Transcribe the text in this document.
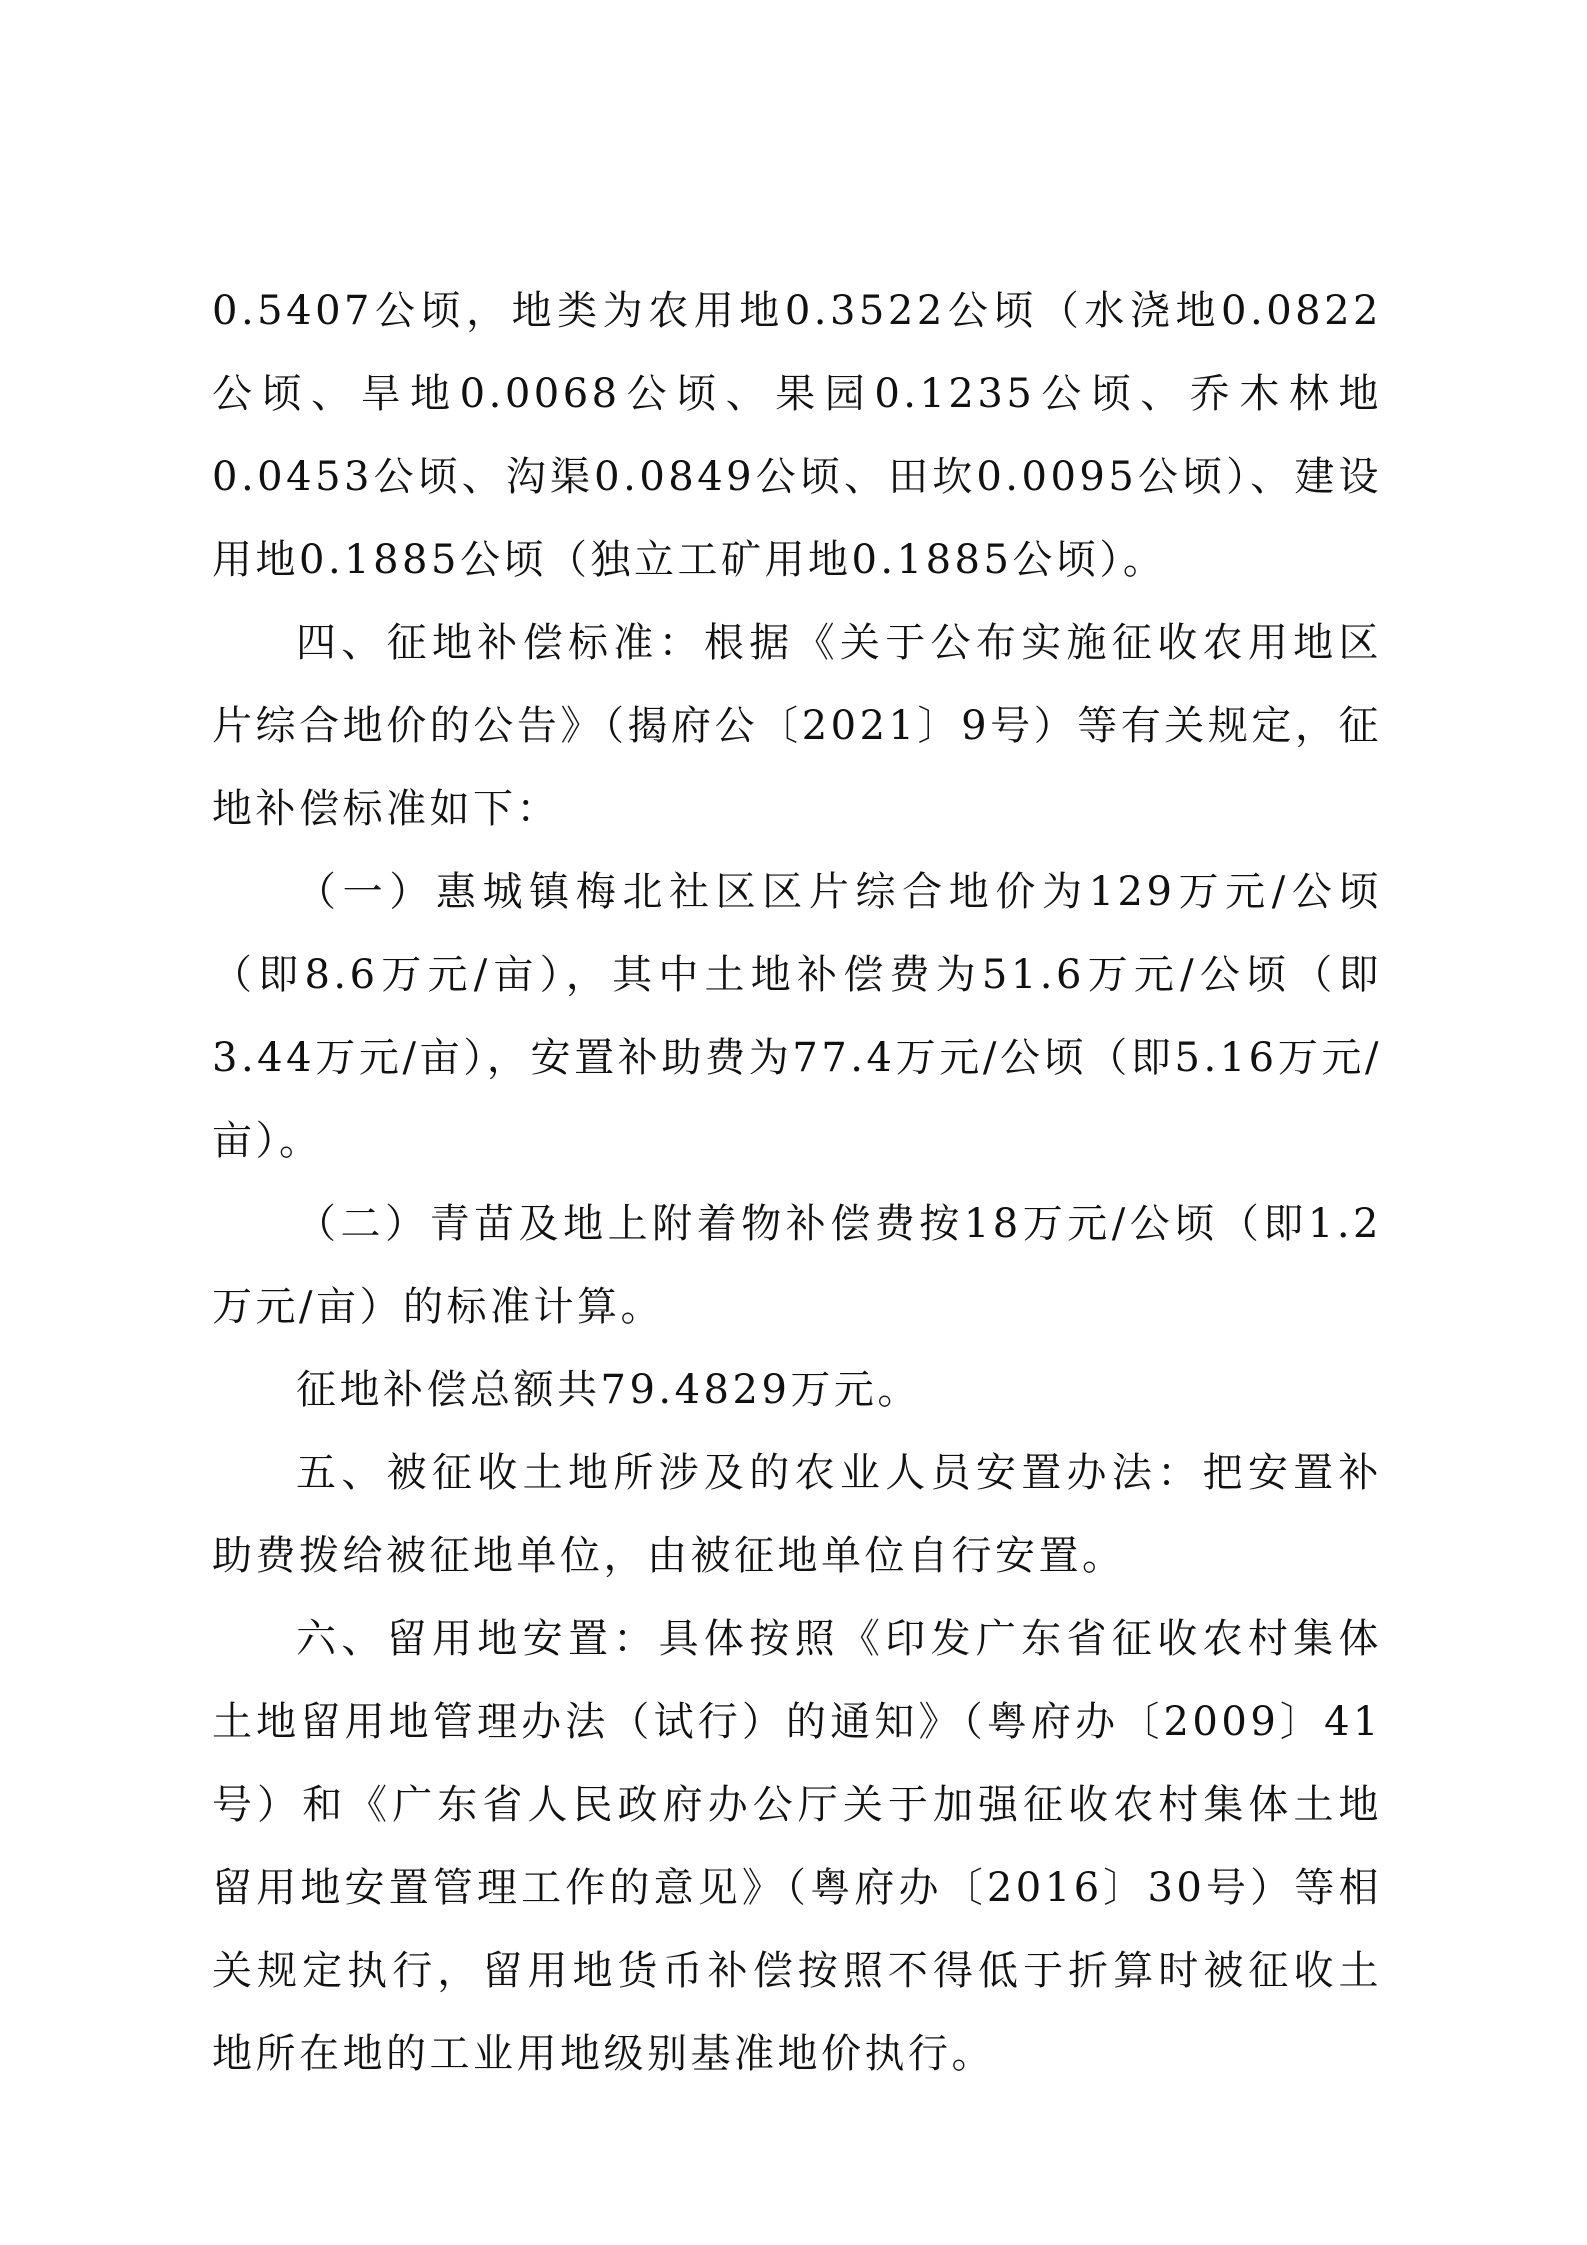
0.5407公顷，地类为农用地0.3522公顷（水浇地0.0822公顷、旱地0.0068公顷、果园0.1235公顷、乔木林地0.0453公顷、沟渠0.0849公顷、田坎0.0095公顷）、建设用地0.1885公顷（独立工矿用地0.1885公顷）。

四、征地补偿标准：根据《关于公布实施征收农用地区片综合地价的公告》（揭府公〔2021〕9号）等有关规定，征地补偿标准如下：

（一）惠城镇梅北社区区片综合地价为129万元/公顷（即8.6万元/亩），其中土地补偿费为51.6万元/公顷（即3.44万元/亩），安置补助费为77.4万元/公顷（即5.16万元/亩）。

（二）青苗及地上附着物补偿费按18万元/公顷（即1.2万元/亩）的标准计算。

征地补偿总额共79.4829万元。

五、被征收土地所涉及的农业人员安置办法：把安置补助费拨给被征地单位，由被征地单位自行安置。

六、留用地安置：具体按照《印发广东省征收农村集体土地留用地管理办法（试行）的通知》（粤府办〔2009〕41号）和《广东省人民政府办公厅关于加强征收农村集体土地留用地安置管理工作的意见》（粤府办〔2016〕30号）等相关规定执行，留用地货币补偿按照不得低于折算时被征收土地所在地的工业用地级别基准地价执行。
